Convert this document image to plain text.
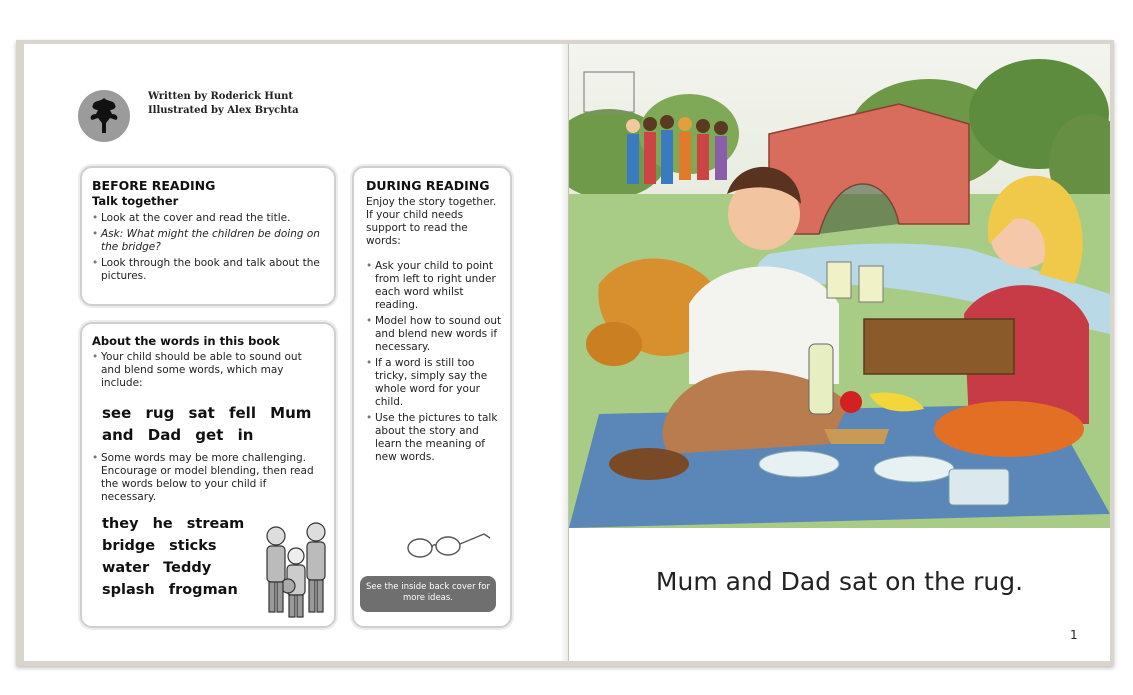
Written by Roderick Hunt
Illustrated by Alex Brychta
BEFORE READING
Talk together
• Look at the cover and read the title.
• Ask: What might the children be doing on the bridge?
• Look through the book and talk about the pictures.
About the words in this book
• Your child should be able to sound out and blend some words, which may include:
see rug sat fell Mum
and Dad get in
• Some words may be more challenging. Encourage or model blending, then read the words below to your child if necessary.
they he stream
bridge sticks
water Teddy
splash frogman
DURING READING
Enjoy the story together. If your child needs support to read the words:
• Ask your child to point from left to right under each word whilst reading.
• Model how to sound out and blend new words if necessary.
• If a word is still too tricky, simply say the whole word for your child.
• Use the pictures to talk about the story and learn the meaning of new words.
See the inside back cover for more ideas.
Mum and Dad sat on the rug.
1
